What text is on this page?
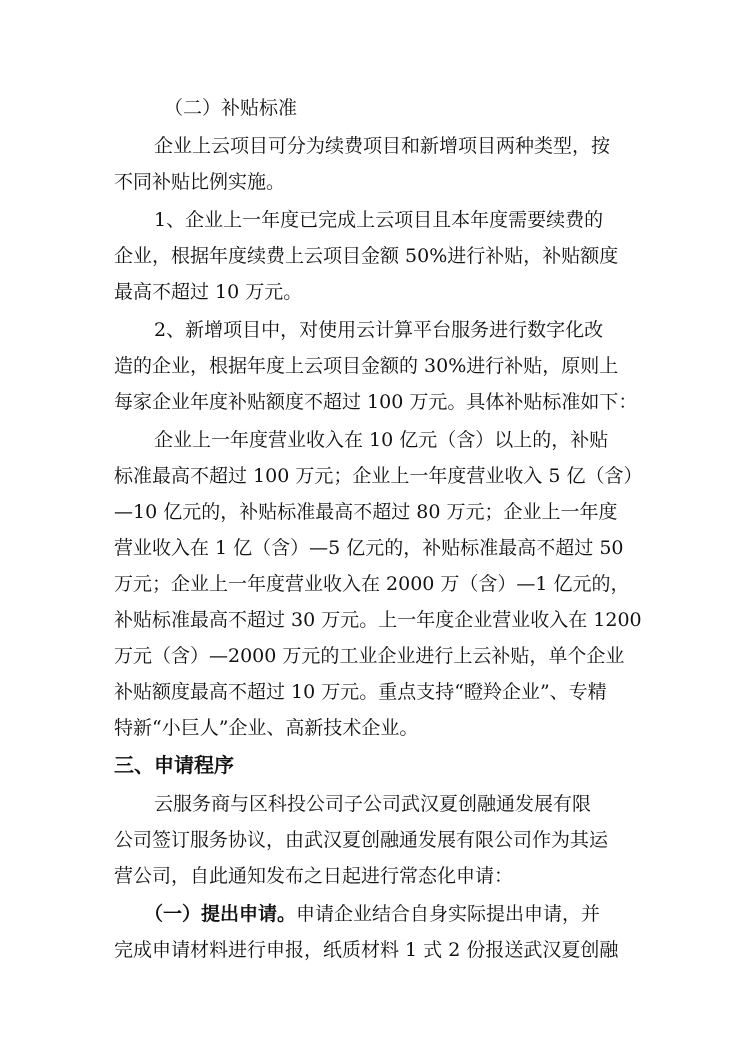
（二）补贴标准
企业上云项目可分为续费项目和新增项目两种类型，按
不同补贴比例实施。
1、企业上一年度已完成上云项目且本年度需要续费的
企业，根据年度续费上云项目金额 50%进行补贴，补贴额度
最高不超过 10 万元。
2、新增项目中，对使用云计算平台服务进行数字化改
造的企业，根据年度上云项目金额的 30%进行补贴，原则上
每家企业年度补贴额度不超过 100 万元。具体补贴标准如下：
企业上一年度营业收入在 10 亿元（含）以上的，补贴
标准最高不超过 100 万元；企业上一年度营业收入 5 亿（含）
—10 亿元的，补贴标准最高不超过 80 万元；企业上一年度
营业收入在 1 亿（含）—5 亿元的，补贴标准最高不超过 50
万元；企业上一年度营业收入在 2000 万（含）—1 亿元的，
补贴标准最高不超过 30 万元。上一年度企业营业收入在 1200
万元（含）—2000 万元的工业企业进行上云补贴，单个企业
补贴额度最高不超过 10 万元。重点支持“瞪羚企业”、专精
特新“小巨人”企业、高新技术企业。
三、申请程序
云服务商与区科投公司子公司武汉夏创融通发展有限
公司签订服务协议，由武汉夏创融通发展有限公司作为其运
营公司，自此通知发布之日起进行常态化申请：
（一）提出申请。申请企业结合自身实际提出申请，并
完成申请材料进行申报，纸质材料 1 式 2 份报送武汉夏创融
